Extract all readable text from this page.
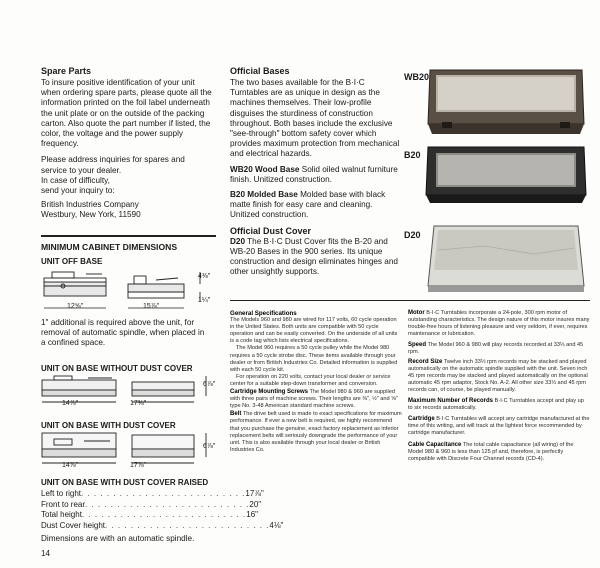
Spare Parts
To insure positive identification of your unit when ordering spare parts, please quote all the information printed on the foil label underneath the unit plate or on the outside of the packing carton. Also quote the part number if listed, the color, the voltage and the power supply frequency.
Please address inquiries for spares and
service to your dealer.
In case of difficulty,
send your inquiry to:
British Industries Company
Westbury, New York, 11590
MINIMUM CABINET DIMENSIONS
UNIT OFF BASE
12⅝"	15⅞"
4⅜"
1¼"
1" additional is required above the unit, for removal of automatic spindle, when placed in a confined space.
UNIT ON BASE WITHOUT DUST COVER
14⅞"	17⅜"
6⅞"
UNIT ON BASE WITH DUST COVER
14⅞"	17⅞"
6⅞"
UNIT ON BASE WITH DUST COVER RAISED
Left to right . . . . . . . . . . . . . . . . . . . . . . . . . . 17⅞"
Front to rear . . . . . . . . . . . . . . . . . . . . . . . . . . 20"
Total height . . . . . . . . . . . . . . . . . . . . . . . . . . 16"
Dust Cover height . . . . . . . . . . . . . . . . . . . . . . . . . . 4⅛"
Dimensions are with an automatic spindle.
14
Official Bases
The two bases available for the B·I·C Turntables are as unique in design as the machines themselves. Their low-profile disguises the sturdiness of construction throughout. Both bases include the exclusive "see-through" bottom safety cover which provides maximum protection from mechanical and electrical hazards.
WB20 Wood Base Solid oiled walnut furniture finish. Unitized construction.
B20 Molded Base Molded base with black matte finish for easy care and cleaning. Unitized construction.
Official Dust Cover
D20 The B·I·C Dust Cover fits the B-20 and WB-20 Bases in the 900 series. Its unique construction and design eliminates hinges and other unsightly supports.
WB20
B20
D20
General Specifications
The Models 960 and 980 are wired for 117 volts, 60 cycle operation in the United States. Both units are compatible with 50 cycle operation and can be easily converted. On the underside of all units is a code tag which lists electrical specifications.
The Model 960 requires a 50 cycle pulley while the Model 980 requires a 50 cycle strobe disc. These items available through your dealer or from British Industries Co. Detailed information is supplied with each 50 cycle kit.
For operation on 220 volts, contact your local dealer or service center for a suitable step-down transformer and conversion.
Cartridge Mounting Screws The Model 980 & 960 are supplied with three pairs of machine screws. Their lengths are ⅜", ½" and ⅝" type No. 3-48 American standard machine screws.
Belt The drive belt used is made to exact specifications for maximum performance. If ever a new belt is required, we highly recommend that you purchase the genuine, exact factory replacement as inferior replacement belts will seriously downgrade the performance of your unit. This is also available through your local dealer or British Industries Co.
Motor B·I·C Turntables incorporate a 24-pole, 300 rpm motor of outstanding characteristics. The design nature of this motor insures many trouble-free hours of listening pleasure and very seldom, if ever, requires maintenance or lubrication.
Speed The Model 960 & 980 will play records recorded at 33⅓ and 45 rpm.
Record Size Twelve inch 33⅓ rpm records may be stacked and played automatically on the automatic spindle supplied with the unit. Seven inch 45 rpm records may be stacked and played automatically on the optional automatic 45 rpm adaptor, Stock No. A-2. All other size 33⅓ and 45 rpm records can, of course, be played manually.
Maximum Number of Records B·I·C Turntables accept and play up to six records automatically.
Cartridge B·I·C Turntables will accept any cartridge manufactured at the time of this writing, and will track at the lightest force recommended by cartridge manufacturer.
Cable Capacitance The total cable capacitance (all wiring) of the Model 980 & 960 is less than 125 pf and, therefore, is perfectly compatible with Discrete Four Channel records (CD-4).
